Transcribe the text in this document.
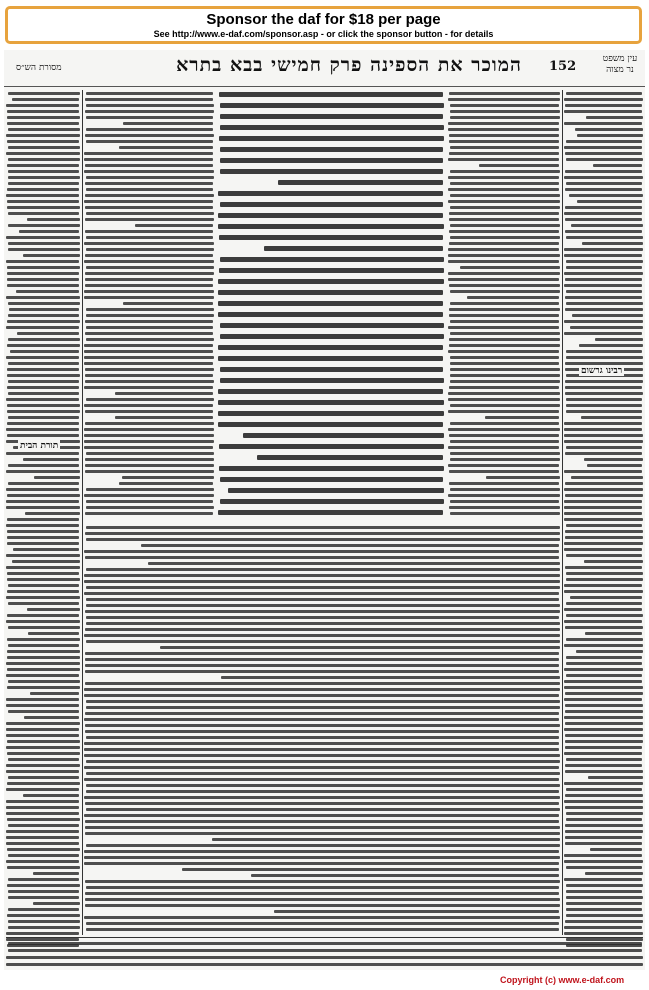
Sponsor the daf for $18 per page
See http://www.e-daf.com/sponsor.asp - or click the sponsor button - for details
מסורת הש״ס	המוכר את הספינה פרק חמישי בבא בתרא	152	עין משפט נר מצוה
רבינו גרשום
תורת הבית
Copyright (c) www.e-daf.com
